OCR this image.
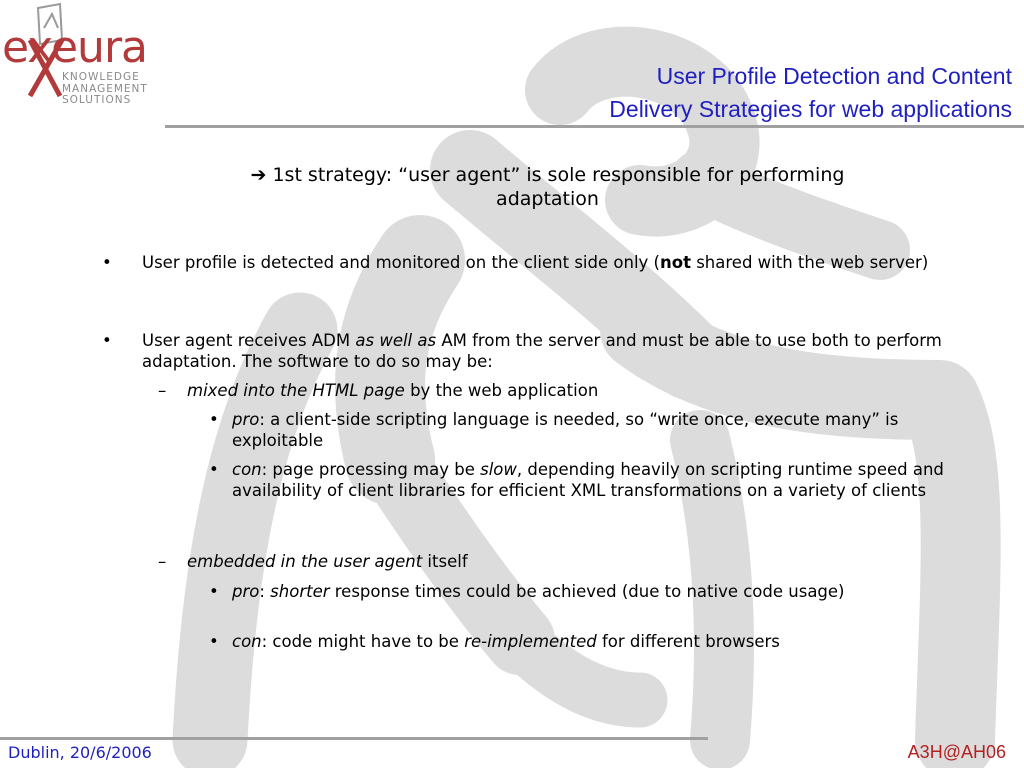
exeura
KNOWLEDGE
MANAGEMENT
SOLUTIONS
User Profile Detection and Content
Delivery Strategies for web applications
➔ 1st strategy: “user agent” is sole responsible for performing
adaptation
• User profile is detected and monitored on the client side only (not shared with the web server)
• User agent receives ADM as well as AM from the server and must be able to use both to perform adaptation. The software to do so may be:
– mixed into the HTML page by the web application
• pro: a client-side scripting language is needed, so “write once, execute many” is exploitable
• con: page processing may be slow, depending heavily on scripting runtime speed and availability of client libraries for efficient XML transformations on a variety of clients
– embedded in the user agent itself
• pro: shorter response times could be achieved (due to native code usage)
• con: code might have to be re-implemented for different browsers
Dublin, 20/6/2006	A3H@AH06
